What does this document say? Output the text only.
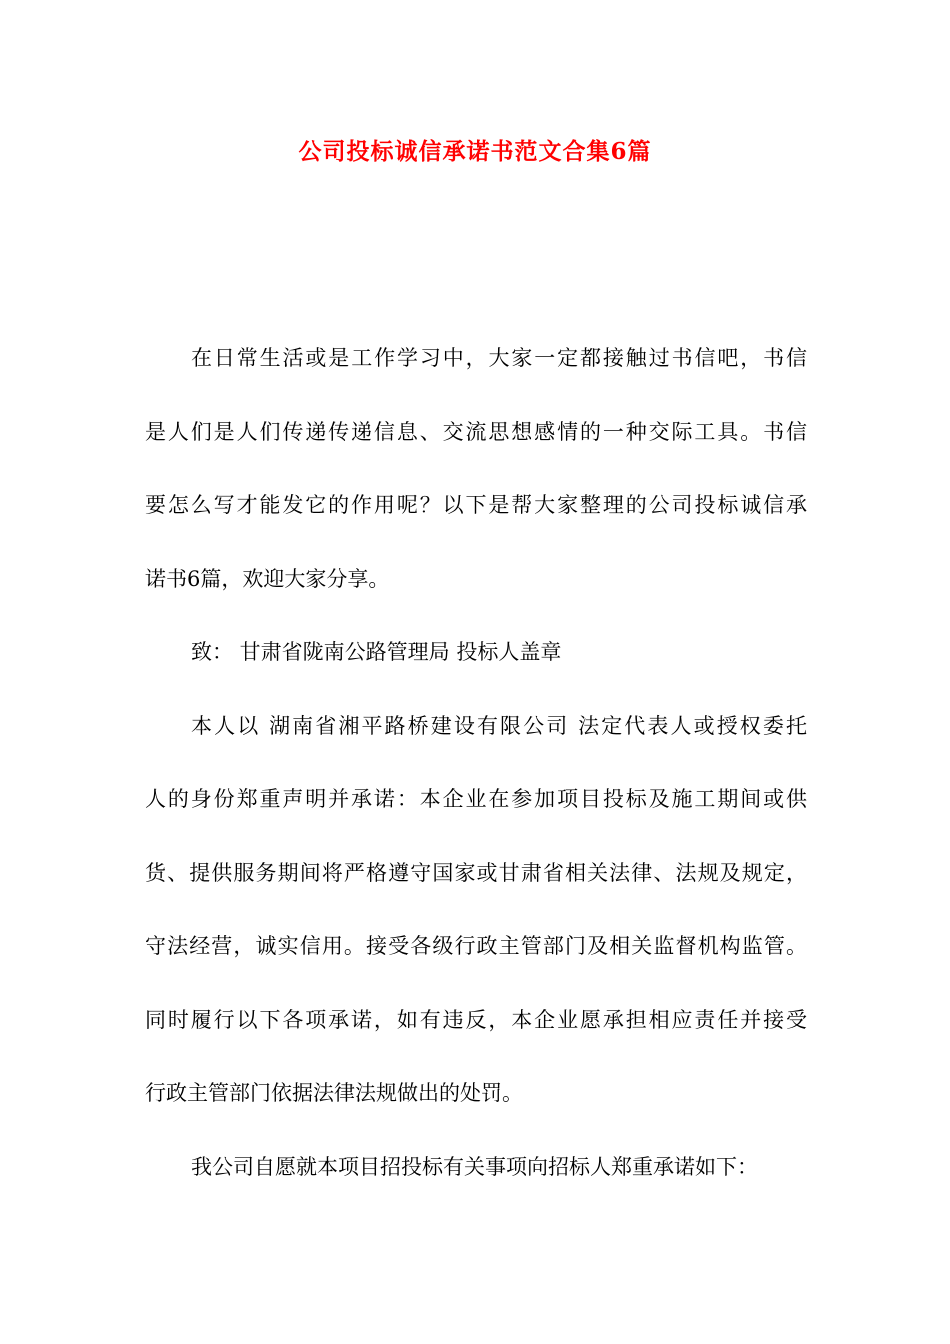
公司投标诚信承诺书范文合集6篇
在日常生活或是工作学习中，大家一定都接触过书信吧，书信
是人们是人们传递传递信息、交流思想感情的一种交际工具。书信
要怎么写才能发它的作用呢？以下是帮大家整理的公司投标诚信承
诺书6篇，欢迎大家分享。
致： 甘肃省陇南公路管理局 投标人盖章
本人以 湖南省湘平路桥建设有限公司 法定代表人或授权委托
人的身份郑重声明并承诺：本企业在参加项目投标及施工期间或供
货、提供服务期间将严格遵守国家或甘肃省相关法律、法规及规定，
守法经营，诚实信用。接受各级行政主管部门及相关监督机构监管。
同时履行以下各项承诺，如有违反，本企业愿承担相应责任并接受
行政主管部门依据法律法规做出的处罚。
我公司自愿就本项目招投标有关事项向招标人郑重承诺如下：
